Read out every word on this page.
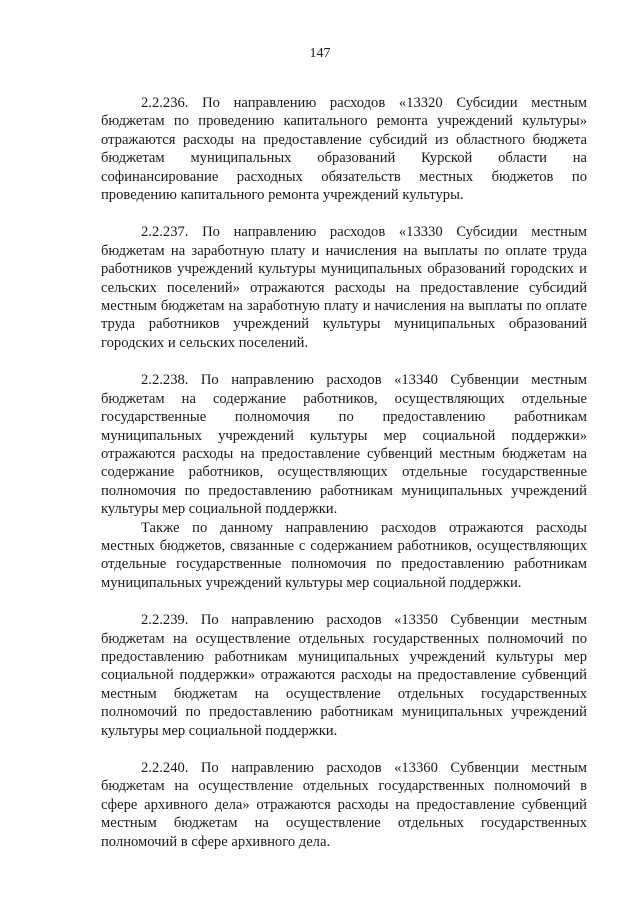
147

2.2.236. По направлению расходов «13320 Субсидии местным бюджетам по проведению капитального ремонта учреждений культуры» отражаются расходы на предоставление субсидий из областного бюджета бюджетам муниципальных образований Курской области на софинансирование расходных обязательств местных бюджетов по проведению капитального ремонта учреждений культуры.

2.2.237. По направлению расходов «13330 Субсидии местным бюджетам на заработную плату и начисления на выплаты по оплате труда работников учреждений культуры муниципальных образований городских и сельских поселений» отражаются расходы на предоставление субсидий местным бюджетам на заработную плату и начисления на выплаты по оплате труда работников учреждений культуры муниципальных образований городских и сельских поселений.

2.2.238. По направлению расходов «13340 Субвенции местным бюджетам на содержание работников, осуществляющих отдельные государственные полномочия по предоставлению работникам муниципальных учреждений культуры мер социальной поддержки» отражаются расходы на предоставление субвенций местным бюджетам на содержание работников, осуществляющих отдельные государственные полномочия по предоставлению работникам муниципальных учреждений культуры мер социальной поддержки.

Также по данному направлению расходов отражаются расходы местных бюджетов, связанные с содержанием работников, осуществляющих отдельные государственные полномочия по предоставлению работникам муниципальных учреждений культуры мер социальной поддержки.

2.2.239. По направлению расходов «13350 Субвенции местным бюджетам на осуществление отдельных государственных полномочий по предоставлению работникам муниципальных учреждений культуры мер социальной поддержки» отражаются расходы на предоставление субвенций местным бюджетам на осуществление отдельных государственных полномочий по предоставлению работникам муниципальных учреждений культуры мер социальной поддержки.

2.2.240. По направлению расходов «13360 Субвенции местным бюджетам на осуществление отдельных государственных полномочий в сфере архивного дела» отражаются расходы на предоставление субвенций местным бюджетам на осуществление отдельных государственных полномочий в сфере архивного дела.
